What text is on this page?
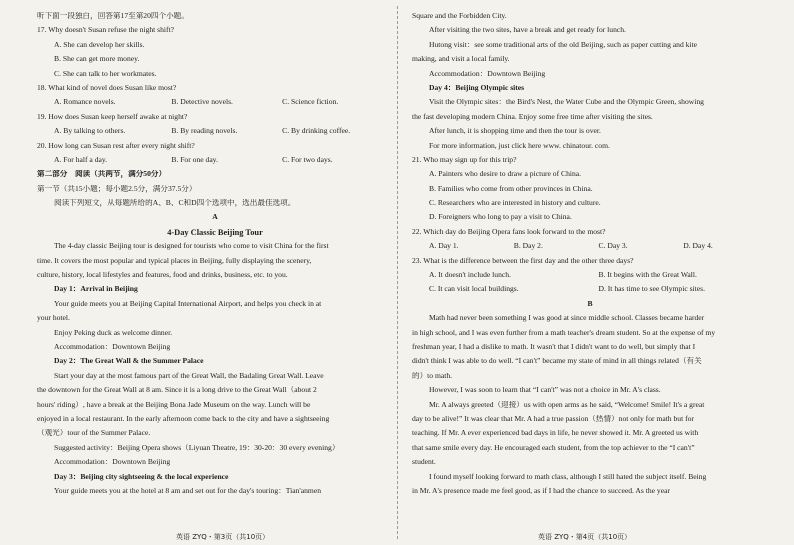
听下面一段独白，回答第17至第20四个小题。
17. Why doesn't Susan refuse the night shift?
A. She can develop her skills.
B. She can get more money.
C. She can talk to her workmates.
18. What kind of novel does Susan like most?
A. Romance novels.	B. Detective novels.	C. Science fiction.
19. How does Susan keep herself awake at night?
A. By talking to others.	B. By reading novels.	C. By drinking coffee.
20. How long can Susan rest after every night shift?
A. For half a day.	B. For one day.	C. For two days.
第二部分　阅读（共两节，满分50分）
第一节（共15小题；每小题2.5分，满分37.5分）
阅读下列短文，从每题所给的A、B、C和D四个选项中，选出最佳选项。
A
4-Day Classic Beijing Tour
The 4-day classic Beijing tour is designed for tourists who come to visit China for the first
time. It covers the most popular and typical places in Beijing, fully displaying the scenery,
culture, history, local lifestyles and features, food and drinks, business, etc. to you.
Day 1：Arrival in Beijing
Your guide meets you at Beijing Capital International Airport, and helps you check in at
your hotel.
Enjoy Peking duck as welcome dinner.
Accommodation：Downtown Beijing
Day 2：The Great Wall & the Summer Palace
Start your day at the most famous part of the Great Wall, the Badaling Great Wall. Leave
the downtown for the Great Wall at 8 am. Since it is a long drive to the Great Wall（about 2
hours' riding）, have a break at the Beijing Bona Jade Museum on the way. Lunch will be
enjoyed in a local restaurant. In the early afternoon come back to the city and have a sightseeing
（观光）tour of the Summer Palace.
Suggested activity：Beijing Opera shows（Liyuan Theatre, 19：30-20：30 every evening）
Accommodation：Downtown Beijing
Day 3：Beijing city sightseeing & the local experience
Your guide meets you at the hotel at 8 am and set out for the day's touring：Tian'anmen
英语 ZYQ・第3页（共10页）
Square and the Forbidden City.
After visiting the two sites, have a break and get ready for lunch.
Hutong visit：see some traditional arts of the old Beijing, such as paper cutting and kite
making, and visit a local family.
Accommodation：Downtown Beijing
Day 4：Beijing Olympic sites
Visit the Olympic sites：the Bird's Nest, the Water Cube and the Olympic Green, showing
the fast developing modern China. Enjoy some free time after visiting the sites.
After lunch, it is shopping time and then the tour is over.
For more information, just click here www. chinatour. com.
21. Who may sign up for this trip?
A. Painters who desire to draw a picture of China.
B. Families who come from other provinces in China.
C. Researchers who are interested in history and culture.
D. Foreigners who long to pay a visit to China.
22. Which day do Beijing Opera fans look forward to the most?
A. Day 1.	B. Day 2.	C. Day 3.	D. Day 4.
23. What is the difference between the first day and the other three days?
A. It doesn't include lunch.	B. It begins with the Great Wall.
C. It can visit local buildings.	D. It has time to see Olympic sites.
B
Math had never been something I was good at since middle school. Classes became harder
in high school, and I was even further from a math teacher's dream student. So at the expense of my
freshman year, I had a dislike to math. It wasn't that I didn't want to do well, but simply that I
didn't think I was able to do well. “I can't” became my state of mind in all things related（有关
的）to math.
However, I was soon to learn that “I can't” was not a choice in Mr. A's class.
Mr. A always greeted（迎接）us with open arms as he said, “Welcome! Smile! It's a great
day to be alive!” It was clear that Mr. A had a true passion（热情）not only for math but for
teaching. If Mr. A ever experienced bad days in life, he never showed it. Mr. A greeted us with
that same smile every day. He encouraged each student, from the top achiever to the “I can't”
student.
I found myself looking forward to math class, although I still hated the subject itself. Being
in Mr. A's presence made me feel good, as if I had the chance to succeed. As the year
英语 ZYQ・第4页（共10页）
